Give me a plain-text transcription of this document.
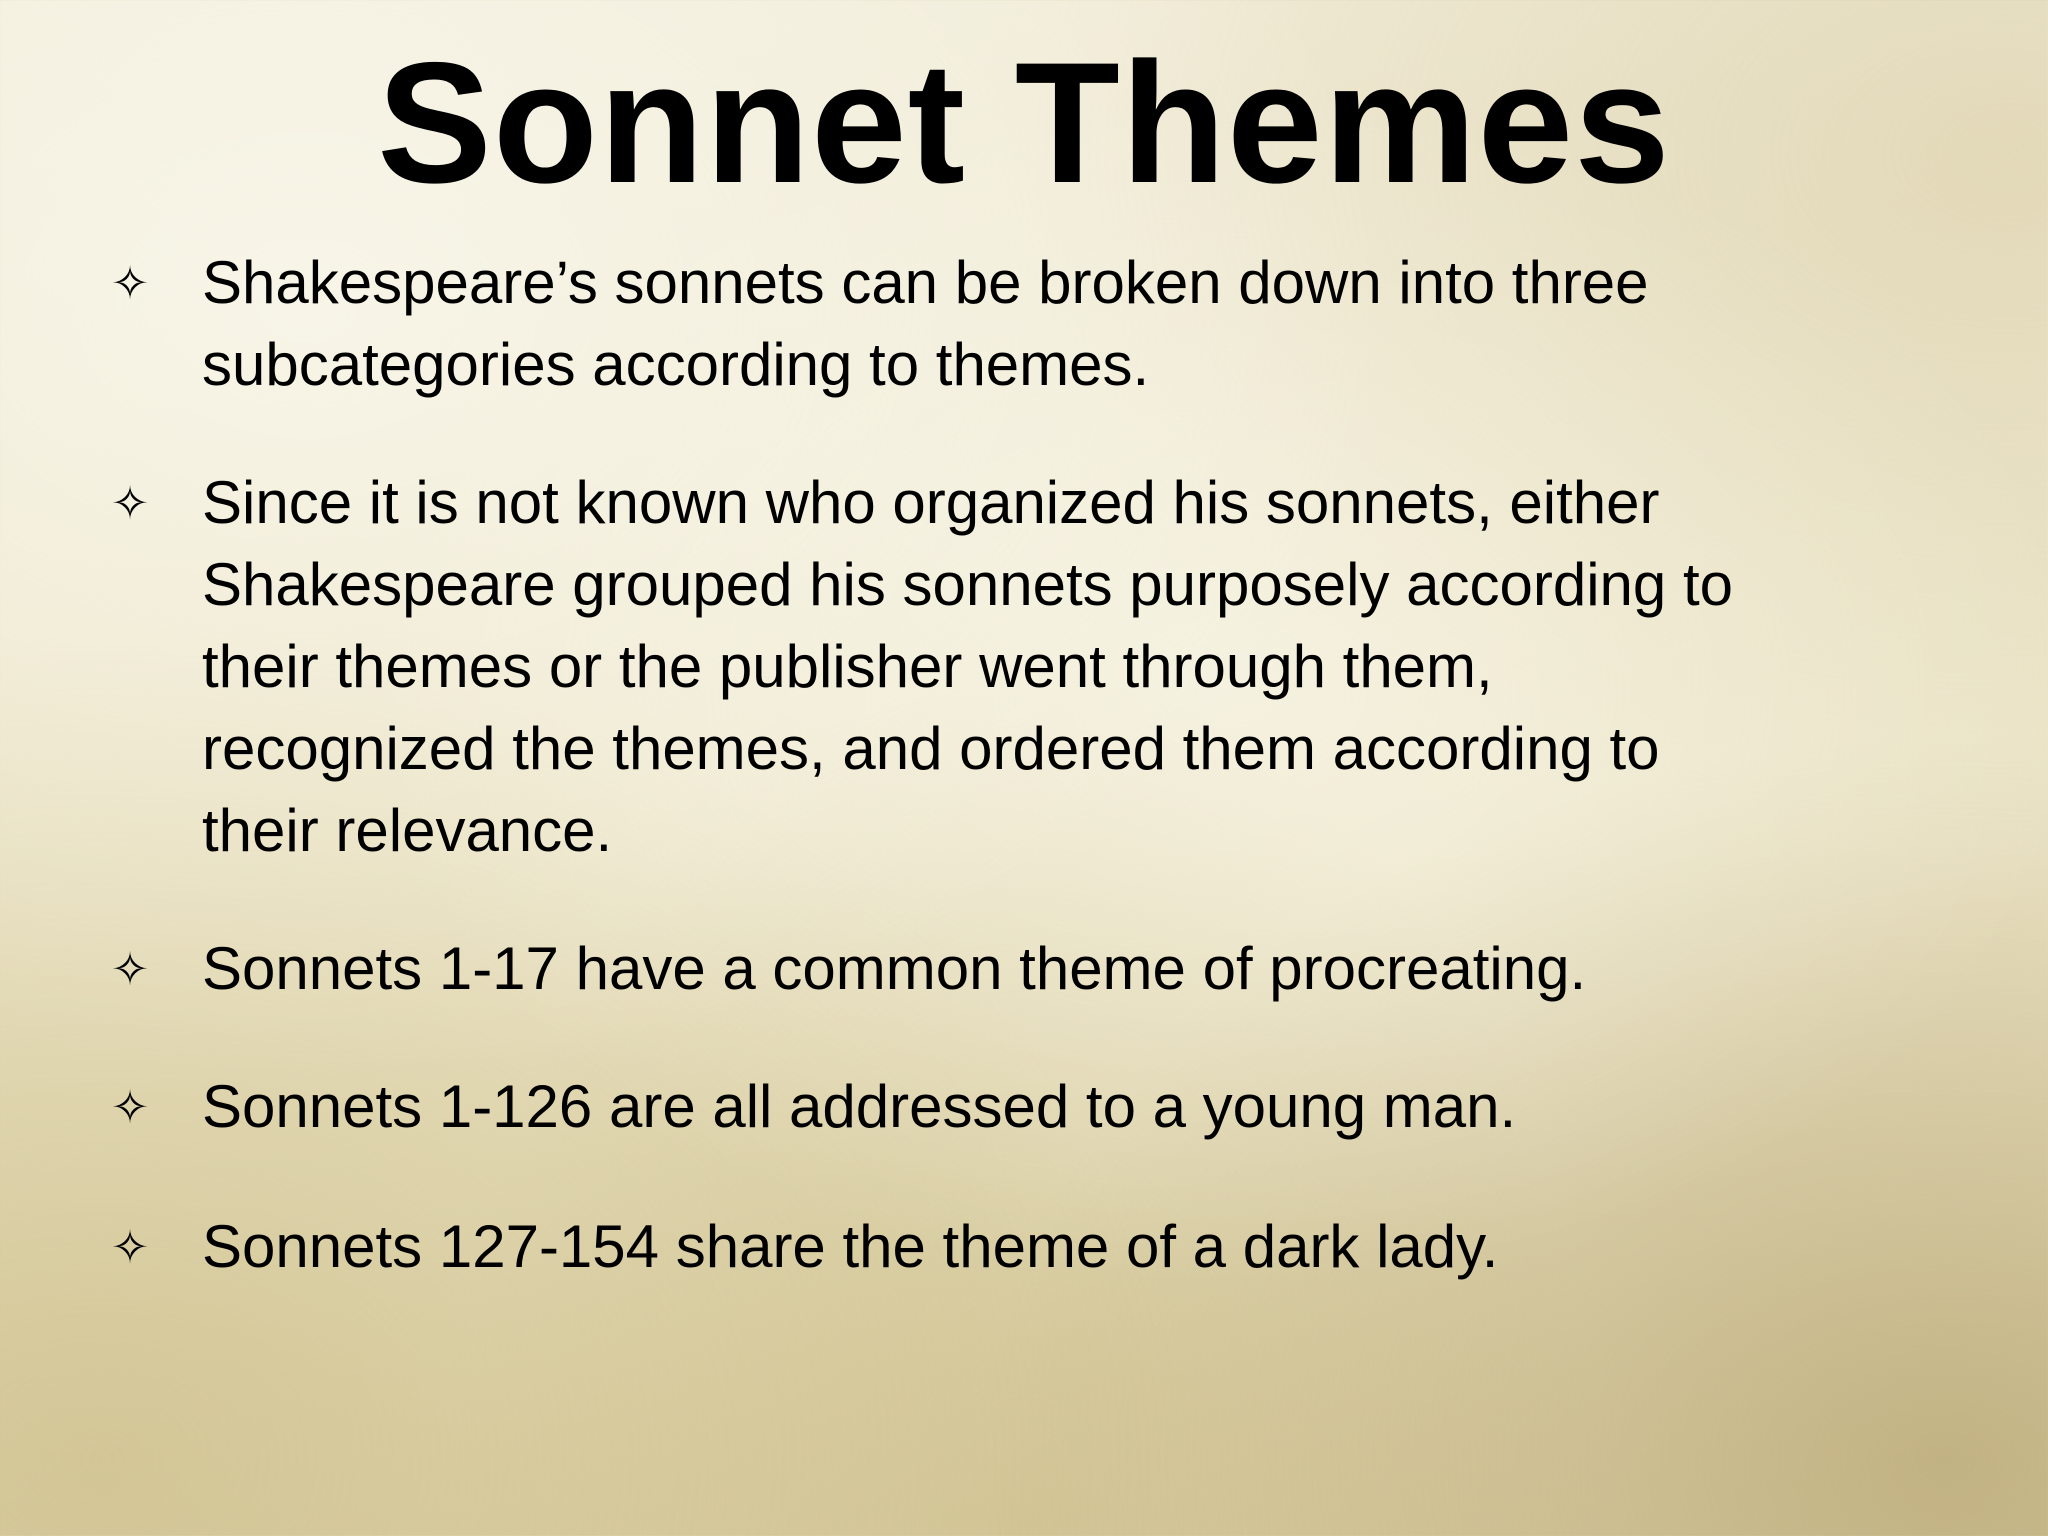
Sonnet Themes
✧ Shakespeare’s sonnets can be broken down into three
subcategories according to themes.
✧ Since it is not known who organized his sonnets, either
Shakespeare grouped his sonnets purposely according to
their themes or the publisher went through them,
recognized the themes, and ordered them according to
their relevance.
✧ Sonnets 1-17 have a common theme of procreating.
✧ Sonnets 1-126 are all addressed to a young man.
✧ Sonnets 127-154 share the theme of a dark lady.
